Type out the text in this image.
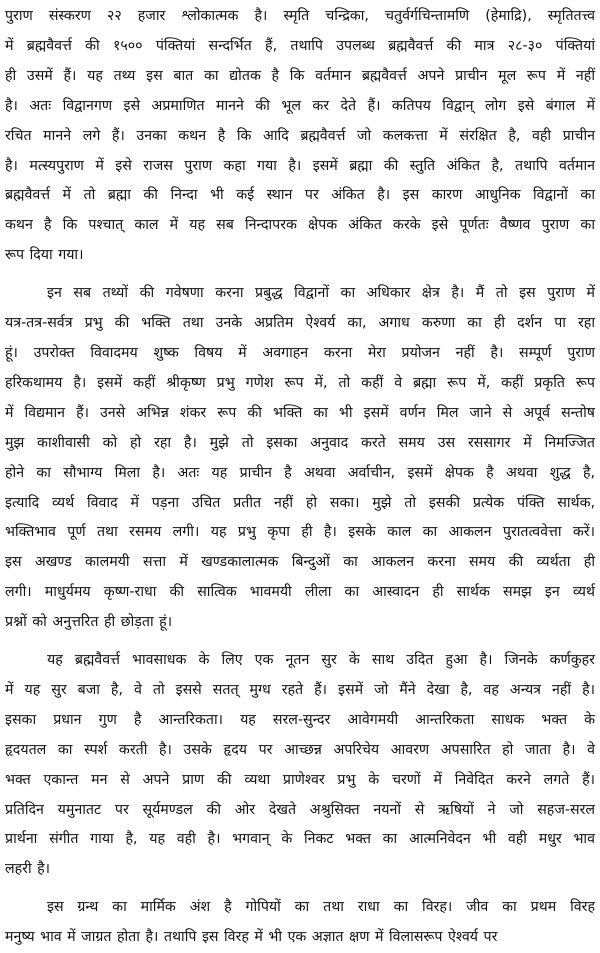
पुराण संस्करण २२ हजार श्लोकात्मक है। स्मृति चन्द्रिका, चतुर्वर्गचिन्तामणि (हेमाद्रि), स्मृतितत्त्व
में ब्रह्मवैवर्त्त की १५०० पंक्तियां सन्दर्भित हैं, तथापि उपलब्ध ब्रह्मवैवर्त्त की मात्र २८-३० पंक्तियां
ही उसमें हैं। यह तथ्य इस बात का द्योतक है कि वर्तमान ब्रह्मवैवर्त्त अपने प्राचीन मूल रूप में नहीं
है। अतः विद्वानगण इसे अप्रमाणित मानने की भूल कर देते हैं। कतिपय विद्वान् लोग इसे बंगाल में
रचित मानने लगे हैं। उनका कथन है कि आदि ब्रह्मवैवर्त्त जो कलकत्ता में संरक्षित है, वही प्राचीन
है। मत्स्यपुराण में इसे राजस पुराण कहा गया है। इसमें ब्रह्मा की स्तुति अंकित है, तथापि वर्तमान
ब्रह्मवैवर्त्त में तो ब्रह्मा की निन्दा भी कई स्थान पर अंकित है। इस कारण आधुनिक विद्वानों का
कथन है कि पश्चात् काल में यह सब निन्दापरक क्षेपक अंकित करके इसे पूर्णतः वैष्णव पुराण का
रूप दिया गया।
इन सब तथ्यों की गवेषणा करना प्रबुद्ध विद्वानों का अधिकार क्षेत्र है। मैं तो इस पुराण में
यत्र-तत्र-सर्वत्र प्रभु की भक्ति तथा उनके अप्रतिम ऐश्वर्य का, अगाध करुणा का ही दर्शन पा रहा
हूं। उपरोक्त विवादमय शुष्क विषय में अवगाहन करना मेरा प्रयोजन नहीं है। सम्पूर्ण पुराण
हरिकथामय है। इसमें कहीं श्रीकृष्ण प्रभु गणेश रूप में, तो कहीं वे ब्रह्मा रूप में, कहीं प्रकृति रूप
में विद्यमान हैं। उनसे अभिन्न शंकर रूप की भक्ति का भी इसमें वर्णन मिल जाने से अपूर्व सन्तोष
मुझ काशीवासी को हो रहा है। मुझे तो इसका अनुवाद करते समय उस रससागर में निमज्जित
होने का सौभाग्य मिला है। अतः यह प्राचीन है अथवा अर्वाचीन, इसमें क्षेपक है अथवा शुद्ध है,
इत्यादि व्यर्थ विवाद में पड़ना उचित प्रतीत नहीं हो सका। मुझे तो इसकी प्रत्येक पंक्ति सार्थक,
भक्तिभाव पूर्ण तथा रसमय लगी। यह प्रभु कृपा ही है। इसके काल का आकलन पुरातत्ववेत्ता करें।
इस अखण्ड कालमयी सत्ता में खण्डकालात्मक बिन्दुओं का आकलन करना समय की व्यर्थता ही
लगी। माधुर्यमय कृष्ण-राधा की सात्विक भावमयी लीला का आस्वादन ही सार्थक समझ इन व्यर्थ
प्रश्नों को अनुत्तरित ही छोड़ता हूं।
यह ब्रह्मवैवर्त्त भावसाधक के लिए एक नूतन सुर के साथ उदित हुआ है। जिनके कर्णकुहर
में यह सुर बजा है, वे तो इससे सतत् मुग्ध रहते हैं। इसमें जो मैंने देखा है, वह अन्यत्र नहीं है।
इसका प्रधान गुण है आन्तरिकता। यह सरल-सुन्दर आवेगमयी आन्तरिकता साधक भक्त के
हृदयतल का स्पर्श करती है। उसके हृदय पर आच्छन्न अपरिचेय आवरण अपसारित हो जाता है। वे
भक्त एकान्त मन से अपने प्राण की व्यथा प्राणेश्वर प्रभु के चरणों में निवेदित करने लगते हैं।
प्रतिदिन यमुनातट पर सूर्यमण्डल की ओर देखते अश्रुसिक्त नयनों से ऋषियों ने जो सहज-सरल
प्रार्थना संगीत गाया है, यह वही है। भगवान् के निकट भक्त का आत्मनिवेदन भी वही मधुर भाव
लहरी है।
इस ग्रन्थ का मार्मिक अंश है गोपियों का तथा राधा का विरह। जीव का प्रथम विरह
मनुष्य भाव में जाग्रत होता है। तथापि इस विरह में भी एक अज्ञात क्षण में विलासरूप ऐश्वर्य पर
